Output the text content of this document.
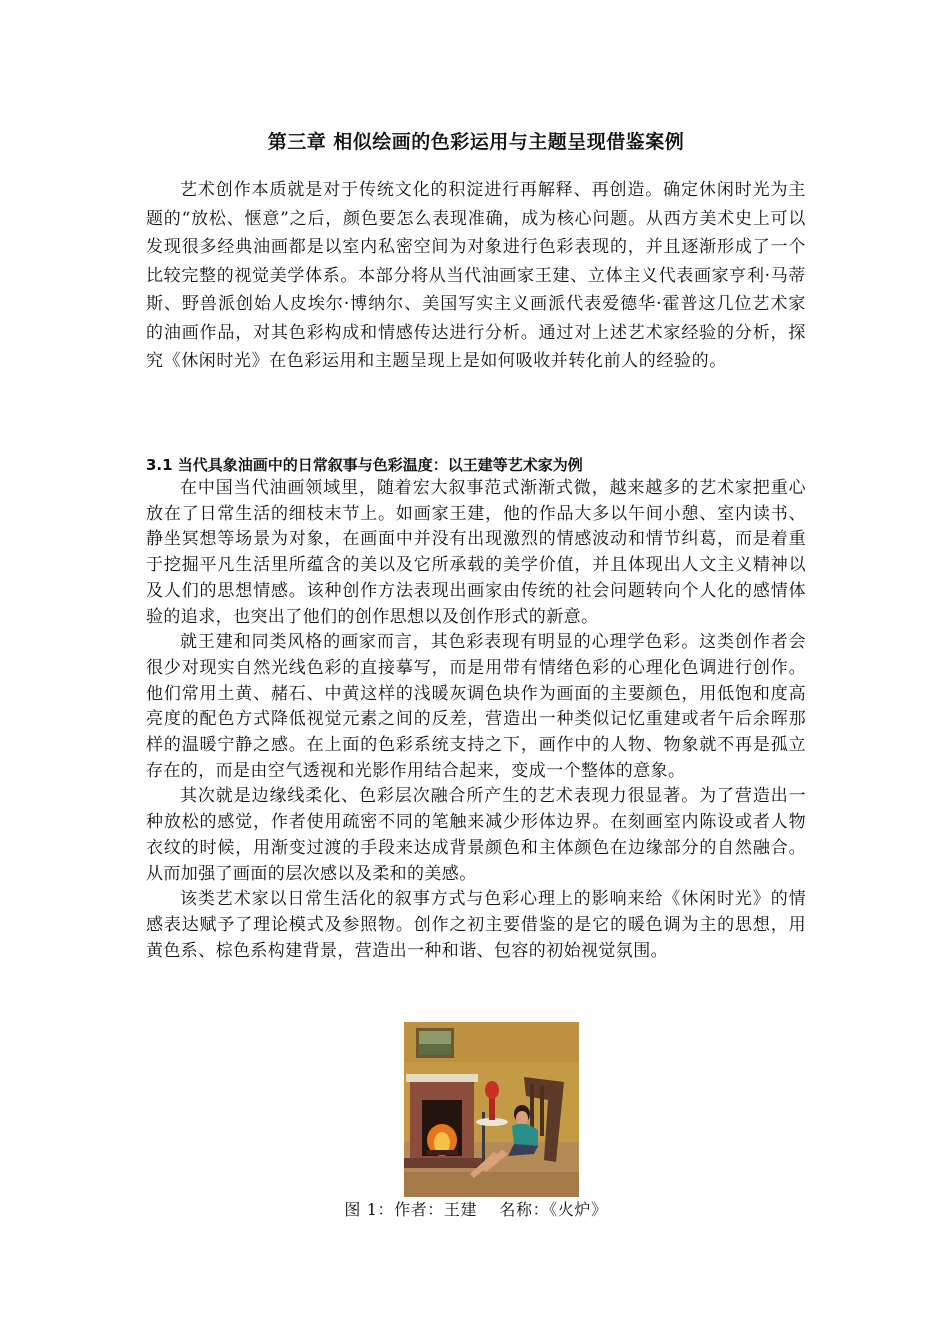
第三章 相似绘画的色彩运用与主题呈现借鉴案例

艺术创作本质就是对于传统文化的积淀进行再解释、再创造。确定休闲时光为主题的“放松、惬意”之后，颜色要怎么表现准确，成为核心问题。从西方美术史上可以发现很多经典油画都是以室内私密空间为对象进行色彩表现的，并且逐渐形成了一个比较完整的视觉美学体系。本部分将从当代油画家王建、立体主义代表画家亨利·马蒂斯、野兽派创始人皮埃尔·博纳尔、美国写实主义画派代表爱德华·霍普这几位艺术家的油画作品，对其色彩构成和情感传达进行分析。通过对上述艺术家经验的分析，探究《休闲时光》在色彩运用和主题呈现上是如何吸收并转化前人的经验的。

3.1 当代具象油画中的日常叙事与色彩温度：以王建等艺术家为例

在中国当代油画领域里，随着宏大叙事范式渐渐式微，越来越多的艺术家把重心放在了日常生活的细枝末节上。如画家王建，他的作品大多以午间小憩、室内读书、静坐冥想等场景为对象，在画面中并没有出现激烈的情感波动和情节纠葛，而是着重于挖掘平凡生活里所蕴含的美以及它所承载的美学价值，并且体现出人文主义精神以及人们的思想情感。该种创作方法表现出画家由传统的社会问题转向个人化的感情体验的追求，也突出了他们的创作思想以及创作形式的新意。

就王建和同类风格的画家而言，其色彩表现有明显的心理学色彩。这类创作者会很少对现实自然光线色彩的直接摹写，而是用带有情绪色彩的心理化色调进行创作。他们常用土黄、赭石、中黄这样的浅暖灰调色块作为画面的主要颜色，用低饱和度高亮度的配色方式降低视觉元素之间的反差，营造出一种类似记忆重建或者午后余晖那样的温暖宁静之感。在上面的色彩系统支持之下，画作中的人物、物象就不再是孤立存在的，而是由空气透视和光影作用结合起来，变成一个整体的意象。

其次就是边缘线柔化、色彩层次融合所产生的艺术表现力很显著。为了营造出一种放松的感觉，作者使用疏密不同的笔触来减少形体边界。在刻画室内陈设或者人物衣纹的时候，用渐变过渡的手段来达成背景颜色和主体颜色在边缘部分的自然融合。从而加强了画面的层次感以及柔和的美感。

该类艺术家以日常生活化的叙事方式与色彩心理上的影响来给《休闲时光》的情感表达赋予了理论模式及参照物。创作之初主要借鉴的是它的暖色调为主的思想，用黄色系、棕色系构建背景，营造出一种和谐、包容的初始视觉氛围。

图 1：作者：王建　 名称：《火炉》
